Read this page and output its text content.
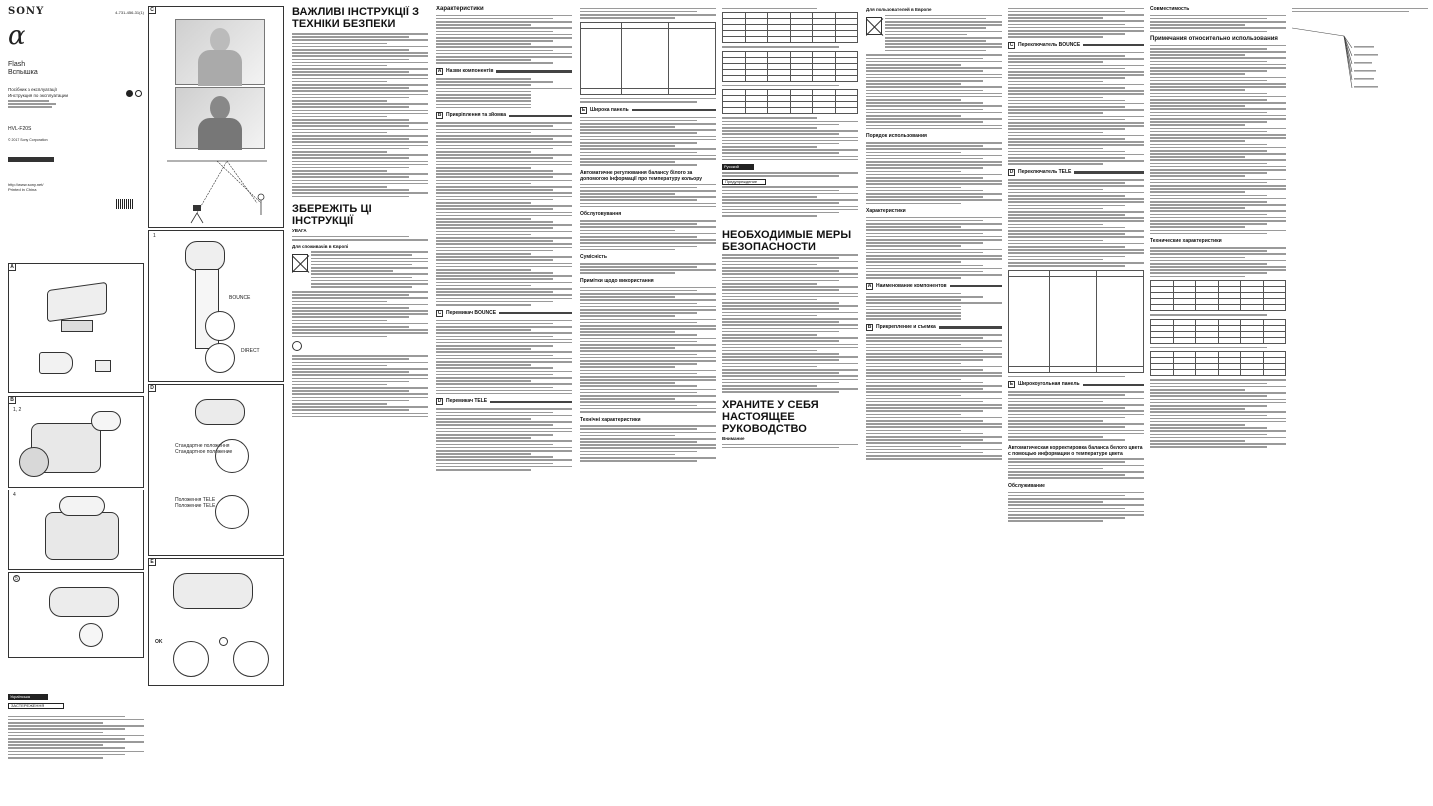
SONY	4-731-456-31(1)
α
Flash
Вспышка
Посібник з експлуатації
Инструкция по эксплуатации
HVL-F20S
© 2017 Sony Corporation
http://www.sony.net/
Printed in China
A
B
1, 2
4
5
Українська
ЗАСТЕРЕЖЕННЯ
C
1
BOUNCE
DIRECT
D
Стандартне положення
Стандартное положение
Положення TELE
Положение TELE
E
OK
ВАЖЛИВІ ІНСТРУКЦІЇ З ТЕХНІКИ БЕЗПЕКИ
ЗБЕРЕЖІТЬ ЦІ ІНСТРУКЦІЇ
УВАГА
Для споживачів в Європі
Характеристики
A Назви компонентів
B Прикріплення та зйомка
C Перемикач BOUNCE
D Перемикач TELE

E Широка панель
Автоматичне регулювання балансу білого за допомогою інформації про температуру кольору
Обслуговування
Сумісність
Примітки щодо використання
Технічні характеристики

Русский
Предупреждение
НЕОБХОДИМЫЕ МЕРЫ БЕЗОПАСНОСТИ
ХРАНИТЕ У СЕБЯ НАСТОЯЩЕЕ РУКОВОДСТВО
Внимание
Для пользователей в Европе
Порядок использования
Характеристики
A Наименование компонентов
B Прикрепление и съемка
C Переключатель BOUNCE
D Переключатель TELE

E Широкоугольная панель
Автоматическая корректировка баланса белого цвета с помощью информации о температуре цвета
Обслуживание
Совместимость
Примечания относительно использования
Технические характеристики
